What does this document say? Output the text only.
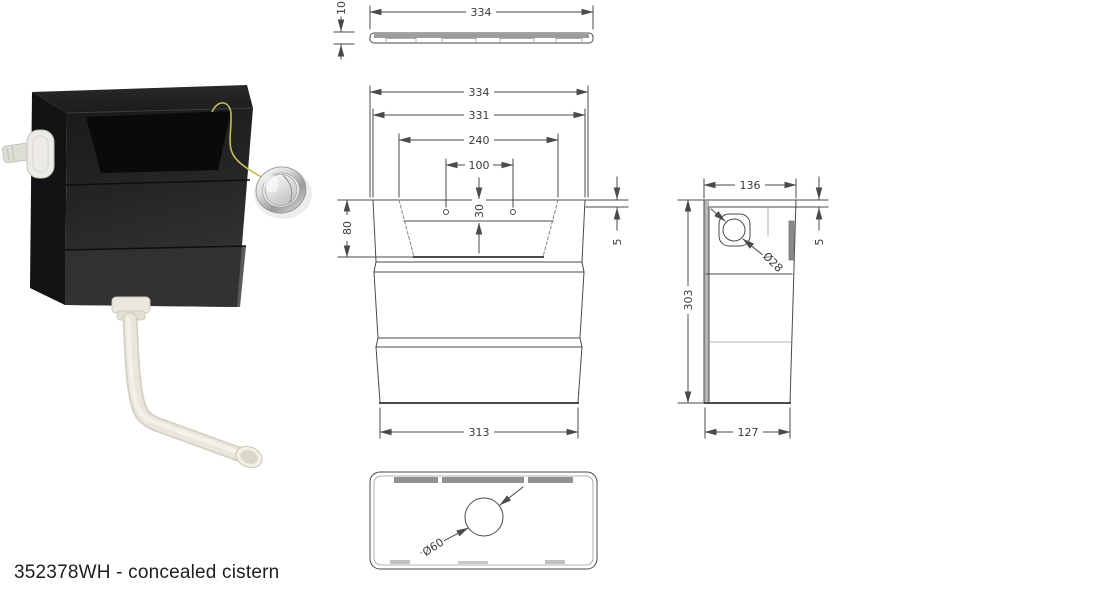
334
10
334
331
240
100
30
80
5
313
136
303
Ø28
5
127
Ø60
352378WH - concealed cistern
